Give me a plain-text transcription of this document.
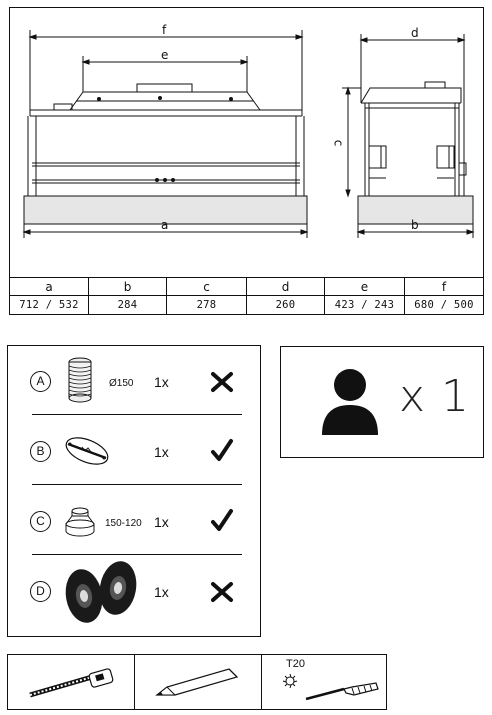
f
e
a
d
c
b
a	b	c	d	e	f
712 / 532	284	278	260	423 / 243	680 / 500
A	Ø150 1x
B	1x
C	150-120 1x
D	1x
x 1
T20
